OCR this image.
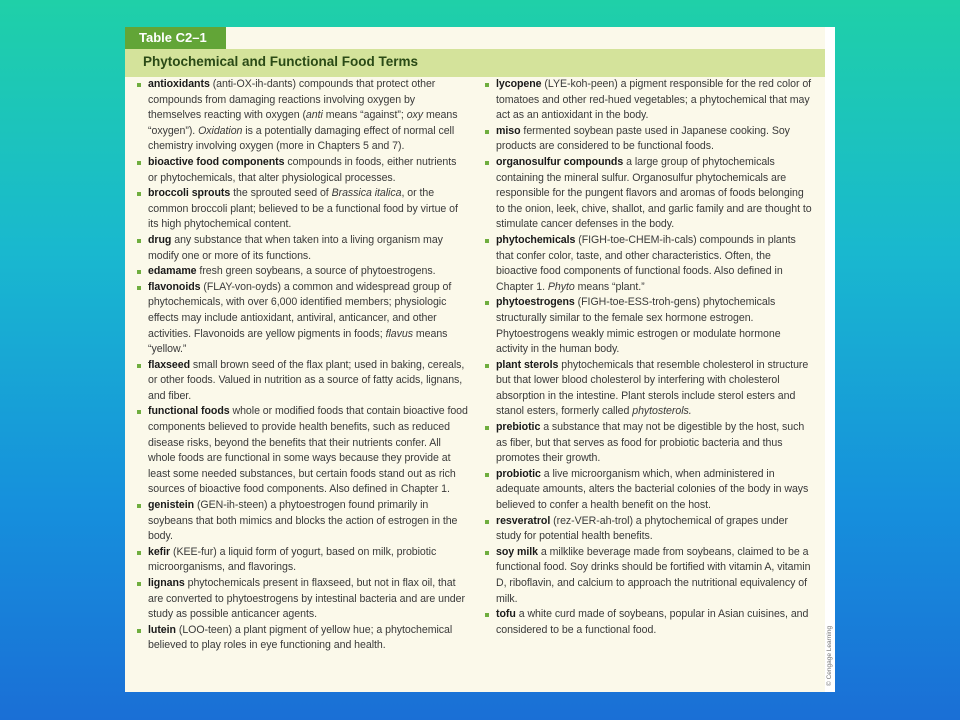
Table C2–1
Phytochemical and Functional Food Terms
antioxidants (anti-OX-ih-dants) compounds that protect other compounds from damaging reactions involving oxygen by themselves reacting with oxygen (anti means “against”; oxy means “oxygen”). Oxidation is a potentially damaging effect of normal cell chemistry involving oxygen (more in Chapters 5 and 7).
bioactive food components compounds in foods, either nutrients or phytochemicals, that alter physiological processes.
broccoli sprouts the sprouted seed of Brassica italica, or the common broccoli plant; believed to be a functional food by virtue of its high phytochemical content.
drug any substance that when taken into a living organism may modify one or more of its functions.
edamame fresh green soybeans, a source of phytoestrogens.
flavonoids (FLAY-von-oyds) a common and widespread group of phytochemicals, with over 6,000 identified members; physiologic effects may include antioxidant, antiviral, anticancer, and other activities. Flavonoids are yellow pigments in foods; flavus means “yellow.”
flaxseed small brown seed of the flax plant; used in baking, cereals, or other foods. Valued in nutrition as a source of fatty acids, lignans, and fiber.
functional foods whole or modified foods that contain bioactive food components believed to provide health benefits, such as reduced disease risks, beyond the benefits that their nutrients confer. All whole foods are functional in some ways because they provide at least some needed substances, but certain foods stand out as rich sources of bioactive food components. Also defined in Chapter 1.
genistein (GEN-ih-steen) a phytoestrogen found primarily in soybeans that both mimics and blocks the action of estrogen in the body.
kefir (KEE-fur) a liquid form of yogurt, based on milk, probiotic microorganisms, and flavorings.
lignans phytochemicals present in flaxseed, but not in flax oil, that are converted to phytoestrogens by intestinal bacteria and are under study as possible anticancer agents.
lutein (LOO-teen) a plant pigment of yellow hue; a phytochemical believed to play roles in eye functioning and health.
lycopene (LYE-koh-peen) a pigment responsible for the red color of tomatoes and other red-hued vegetables; a phytochemical that may act as an antioxidant in the body.
miso fermented soybean paste used in Japanese cooking. Soy products are considered to be functional foods.
organosulfur compounds a large group of phytochemicals containing the mineral sulfur. Organosulfur phytochemicals are responsible for the pungent flavors and aromas of foods belonging to the onion, leek, chive, shallot, and garlic family and are thought to stimulate cancer defenses in the body.
phytochemicals (FIGH-toe-CHEM-ih-cals) compounds in plants that confer color, taste, and other characteristics. Often, the bioactive food components of functional foods. Also defined in Chapter 1. Phyto means “plant.”
phytoestrogens (FIGH-toe-ESS-troh-gens) phytochemicals structurally similar to the female sex hormone estrogen. Phytoestrogens weakly mimic estrogen or modulate hormone activity in the human body.
plant sterols phytochemicals that resemble cholesterol in structure but that lower blood cholesterol by interfering with cholesterol absorption in the intestine. Plant sterols include sterol esters and stanol esters, formerly called phytosterols.
prebiotic a substance that may not be digestible by the host, such as fiber, but that serves as food for probiotic bacteria and thus promotes their growth.
probiotic a live microorganism which, when administered in adequate amounts, alters the bacterial colonies of the body in ways believed to confer a health benefit on the host.
resveratrol (rez-VER-ah-trol) a phytochemical of grapes under study for potential health benefits.
soy milk a milklike beverage made from soybeans, claimed to be a functional food. Soy drinks should be fortified with vitamin A, vitamin D, riboflavin, and calcium to approach the nutritional equivalency of milk.
tofu a white curd made of soybeans, popular in Asian cuisines, and considered to be a functional food.	© Cengage Learning
